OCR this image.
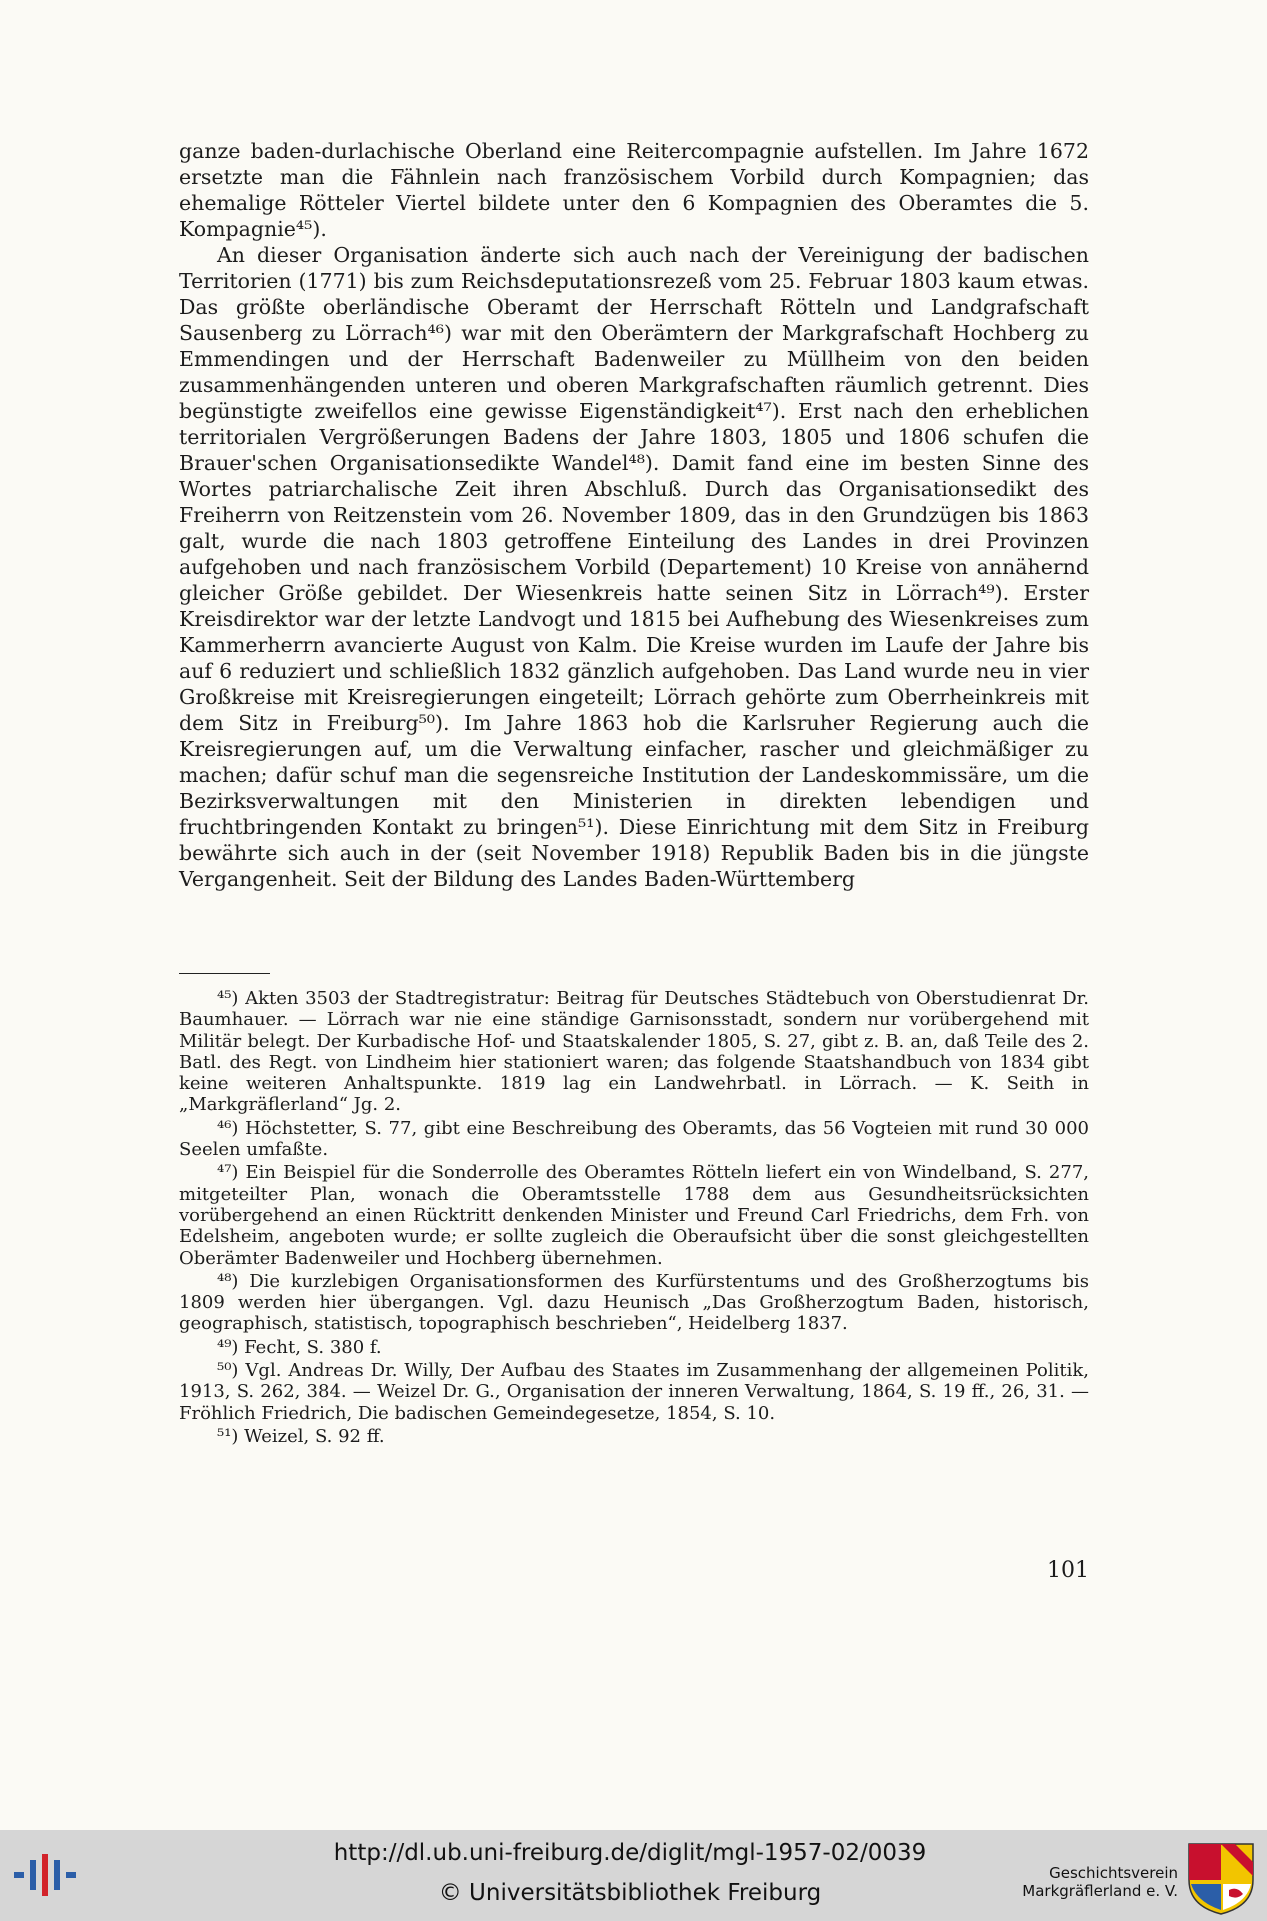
ganze baden-durlachische Oberland eine Reitercompagnie aufstellen. Im Jahre 1672 ersetzte man die Fähnlein nach französischem Vorbild durch Kompagnien; das ehemalige Rötteler Viertel bildete unter den 6 Kompagnien des Oberamtes die 5. Kompagnie⁴⁵).

An dieser Organisation änderte sich auch nach der Vereinigung der badischen Territorien (1771) bis zum Reichsdeputationsrezeß vom 25. Februar 1803 kaum etwas. Das größte oberländische Oberamt der Herrschaft Rötteln und Landgrafschaft Sausenberg zu Lörrach⁴⁶) war mit den Oberämtern der Markgrafschaft Hochberg zu Emmendingen und der Herrschaft Badenweiler zu Müllheim von den beiden zusammenhängenden unteren und oberen Markgrafschaften räumlich getrennt. Dies begünstigte zweifellos eine gewisse Eigenständigkeit⁴⁷). Erst nach den erheblichen territorialen Vergrößerungen Badens der Jahre 1803, 1805 und 1806 schufen die Brauer'schen Organisationsedikte Wandel⁴⁸). Damit fand eine im besten Sinne des Wortes patriarchalische Zeit ihren Abschluß. Durch das Organisationsedikt des Freiherrn von Reitzenstein vom 26. November 1809, das in den Grundzügen bis 1863 galt, wurde die nach 1803 getroffene Einteilung des Landes in drei Provinzen aufgehoben und nach französischem Vorbild (Departement) 10 Kreise von annähernd gleicher Größe gebildet. Der Wiesenkreis hatte seinen Sitz in Lörrach⁴⁹). Erster Kreisdirektor war der letzte Landvogt und 1815 bei Aufhebung des Wiesenkreises zum Kammerherrn avancierte August von Kalm. Die Kreise wurden im Laufe der Jahre bis auf 6 reduziert und schließlich 1832 gänzlich aufgehoben. Das Land wurde neu in vier Großkreise mit Kreisregierungen eingeteilt; Lörrach gehörte zum Oberrheinkreis mit dem Sitz in Freiburg⁵⁰). Im Jahre 1863 hob die Karlsruher Regierung auch die Kreisregierungen auf, um die Verwaltung einfacher, rascher und gleichmäßiger zu machen; dafür schuf man die segensreiche Institution der Landeskommissäre, um die Bezirksverwaltungen mit den Ministerien in direkten lebendigen und fruchtbringenden Kontakt zu bringen⁵¹). Diese Einrichtung mit dem Sitz in Freiburg bewährte sich auch in der (seit November 1918) Republik Baden bis in die jüngste Vergangenheit. Seit der Bildung des Landes Baden-Württemberg

⁴⁵) Akten 3503 der Stadtregistratur: Beitrag für Deutsches Städtebuch von Oberstudienrat Dr. Baumhauer. — Lörrach war nie eine ständige Garnisonsstadt, sondern nur vorübergehend mit Militär belegt. Der Kurbadische Hof- und Staatskalender 1805, S. 27, gibt z. B. an, daß Teile des 2. Batl. des Regt. von Lindheim hier stationiert waren; das folgende Staatshandbuch von 1834 gibt keine weiteren Anhaltspunkte. 1819 lag ein Landwehrbatl. in Lörrach. — K. Seith in „Markgräflerland“ Jg. 2.

⁴⁶) Höchstetter, S. 77, gibt eine Beschreibung des Oberamts, das 56 Vogteien mit rund 30 000 Seelen umfaßte.

⁴⁷) Ein Beispiel für die Sonderrolle des Oberamtes Rötteln liefert ein von Windelband, S. 277, mitgeteilter Plan, wonach die Oberamtsstelle 1788 dem aus Gesundheitsrücksichten vorübergehend an einen Rücktritt denkenden Minister und Freund Carl Friedrichs, dem Frh. von Edelsheim, angeboten wurde; er sollte zugleich die Oberaufsicht über die sonst gleichgestellten Oberämter Badenweiler und Hochberg übernehmen.

⁴⁸) Die kurzlebigen Organisationsformen des Kurfürstentums und des Großherzogtums bis 1809 werden hier übergangen. Vgl. dazu Heunisch „Das Großherzogtum Baden, historisch, geographisch, statistisch, topographisch beschrieben“, Heidelberg 1837.

⁴⁹) Fecht, S. 380 f.

⁵⁰) Vgl. Andreas Dr. Willy, Der Aufbau des Staates im Zusammenhang der allgemeinen Politik, 1913, S. 262, 384. — Weizel Dr. G., Organisation der inneren Verwaltung, 1864, S. 19 ff., 26, 31. — Fröhlich Friedrich, Die badischen Gemeindegesetze, 1854, S. 10.

⁵¹) Weizel, S. 92 ff.

101
http://dl.ub.uni-freiburg.de/diglit/mgl-1957-02/0039
© Universitätsbibliothek Freiburg
Geschichtsverein
Markgräflerland e. V.
